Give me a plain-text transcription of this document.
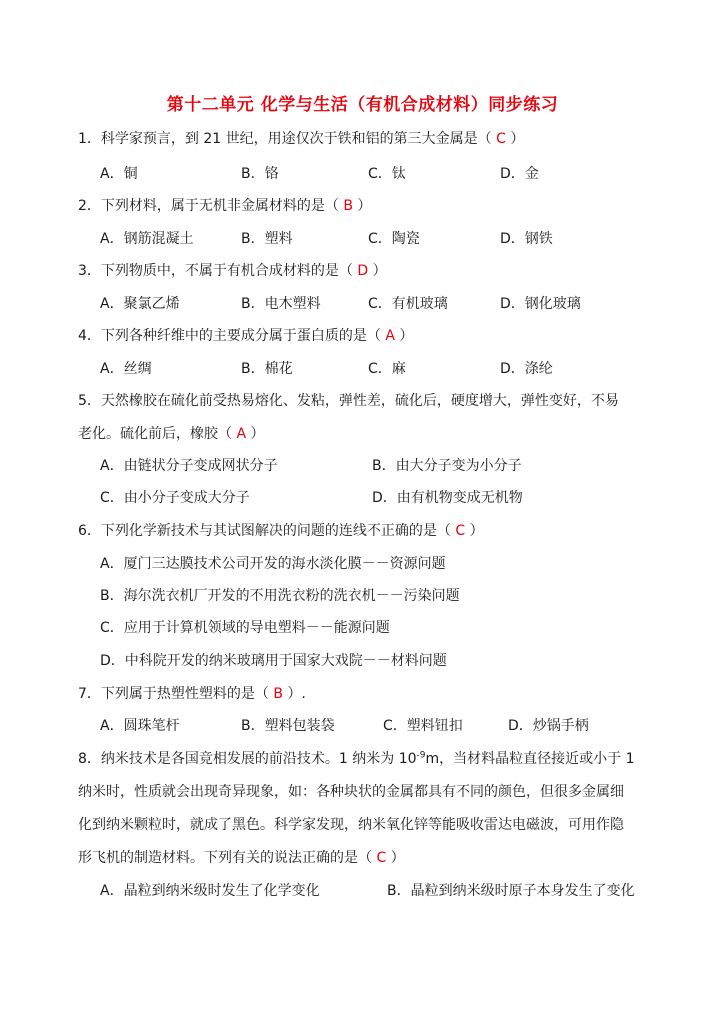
第十二单元 化学与生活（有机合成材料）同步练习
1．科学家预言，到 21 世纪，用途仅次于铁和铝的第三大金属是（ C ）
A．铜	B．铬	C．钛	D．金
2．下列材料，属于无机非金属材料的是（ B ）
A．钢筋混凝土	B．塑料	C．陶瓷	D．钢铁
3．下列物质中，不属于有机合成材料的是（ D ）
A．聚氯乙烯	B．电木塑料	C．有机玻璃	D．钢化玻璃
4．下列各种纤维中的主要成分属于蛋白质的是（ A ）
A．丝绸	B．棉花	C．麻	D．涤纶
5．天然橡胶在硫化前受热易熔化、发粘，弹性差，硫化后，硬度增大，弹性变好，不易
老化。硫化前后，橡胶（ A ）
A．由链状分子变成网状分子	B．由大分子变为小分子
C．由小分子变成大分子	D．由有机物变成无机物
6．下列化学新技术与其试图解决的问题的连线不正确的是（ C ）
A．厦门三达膜技术公司开发的海水淡化膜－－资源问题
B．海尔洗衣机厂开发的不用洗衣粉的洗衣机－－污染问题
C．应用于计算机领域的导电塑料－－能源问题
D．中科院开发的纳米玻璃用于国家大戏院－－材料问题
7．下列属于热塑性塑料的是（ B ）.
A．圆珠笔杆	B．塑料包装袋	C．塑料钮扣	D．炒锅手柄
8．纳米技术是各国竞相发展的前沿技术。1 纳米为 $10^{-9}m$，当材料晶粒直径接近或小于 1
纳米时，性质就会出现奇异现象，如：各种块状的金属都具有不同的颜色，但很多金属细
化到纳米颗粒时，就成了黑色。科学家发现，纳米氧化锌等能吸收雷达电磁波，可用作隐
形飞机的制造材料。下列有关的说法正确的是（ C ）
A．晶粒到纳米级时发生了化学变化	B．晶粒到纳米级时原子本身发生了变化
